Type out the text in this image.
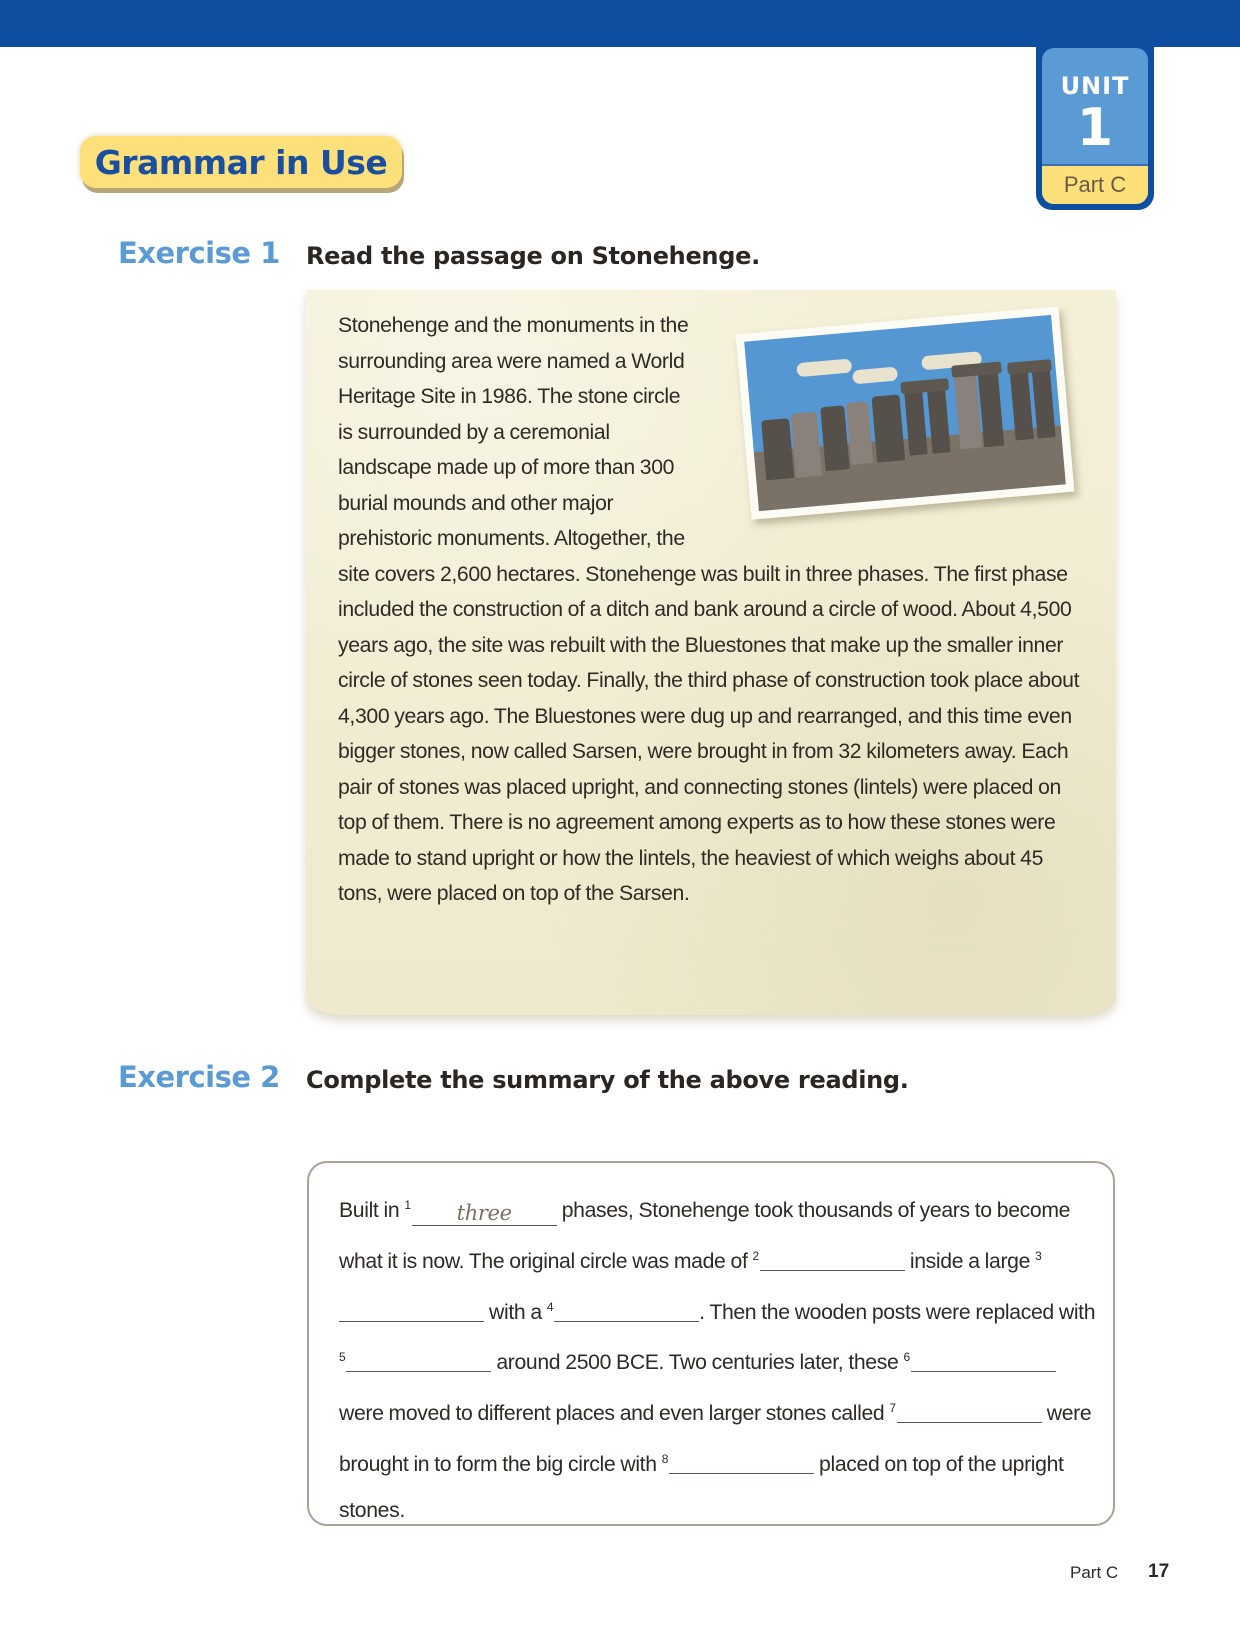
UNIT
1
Part C
Grammar in Use
Exercise 1 Read the passage on Stonehenge.
Stonehenge and the monuments in the surrounding area were named a World Heritage Site in 1986. The stone circle is surrounded by a ceremonial landscape made up of more than 300 burial mounds and other major prehistoric monuments. Altogether, the site covers 2,600 hectares. Stonehenge was built in three phases. The first phase included the construction of a ditch and bank around a circle of wood. About 4,500 years ago, the site was rebuilt with the Bluestones that make up the smaller inner circle of stones seen today. Finally, the third phase of construction took place about 4,300 years ago. The Bluestones were dug up and rearranged, and this time even bigger stones, now called Sarsen, were brought in from 32 kilometers away. Each pair of stones was placed upright, and connecting stones (lintels) were placed on top of them. There is no agreement among experts as to how these stones were made to stand upright or how the lintels, the heaviest of which weighs about 45 tons, were placed on top of the Sarsen.
Exercise 2 Complete the summary of the above reading.
Built in $^1$ three phases, Stonehenge took thousands of years to become what it is now. The original circle was made of $^2$	inside a large $^3$ with a $^4$	. Then the wooden posts were replaced with $^5$	around 2500 BCE. Two centuries later, these $^6$ were moved to different places and even larger stones called $^7$	were brought in to form the big circle with $^8$	placed on top of the upright stones.
Part C 17
